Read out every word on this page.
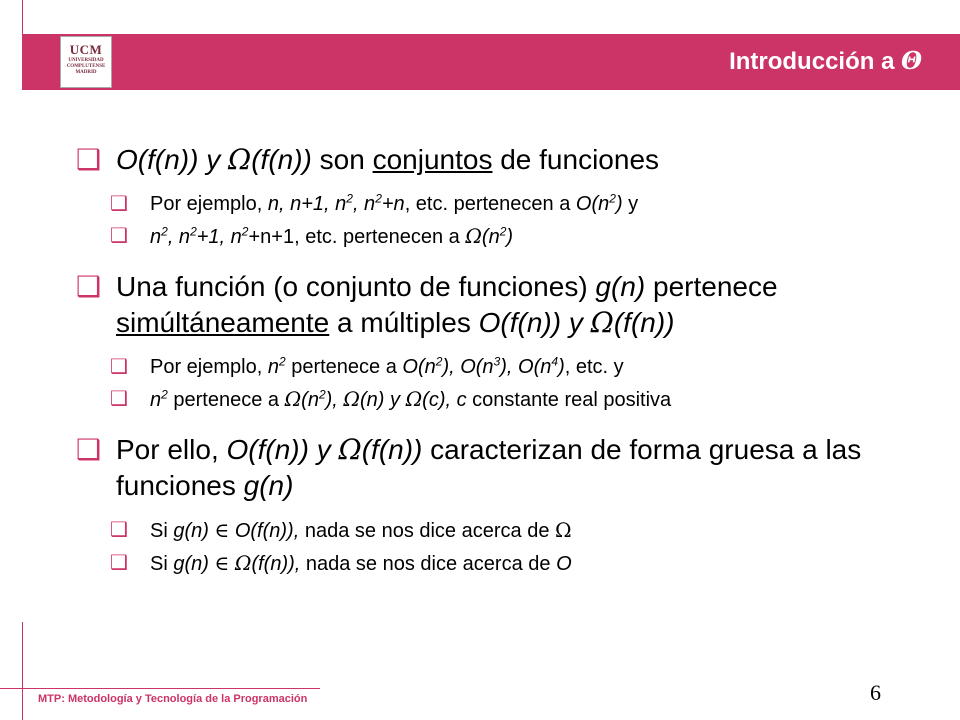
UCM
UNIVERSIDAD
COMPLUTENSE
MADRID	Introducción a Θ
❑ O(f(n)) y Ω(f(n)) son conjuntos de funciones
❑ Por ejemplo, n, n+1, $n^2$, $n^2+n$, etc. pertenecen a $O(n^2)$ y
❑ $n^2$, $n^2+1$, $n^2+n+1$, etc. pertenecen a $\Omega(n^2)$
❑ Una función (o conjunto de funciones) g(n) pertenece simúltáneamente a múltiples O(f(n)) y Ω(f(n))
❑ Por ejemplo, $n^2$ pertenece a $O(n^2)$, $O(n^3)$, $O(n^4)$, etc. y
❑ $n^2$ pertenece a $\Omega(n^2)$, Ω(n) y Ω(c), c constante real positiva
❑ Por ello, O(f(n)) y Ω(f(n)) caracterizan de forma gruesa a las funciones g(n)
❑ Si g(n) ∈ O(f(n)), nada se nos dice acerca de Ω
❑ Si g(n) ∈ Ω(f(n)), nada se nos dice acerca de O
MTP: Metodología y Tecnología de la Programación	6
